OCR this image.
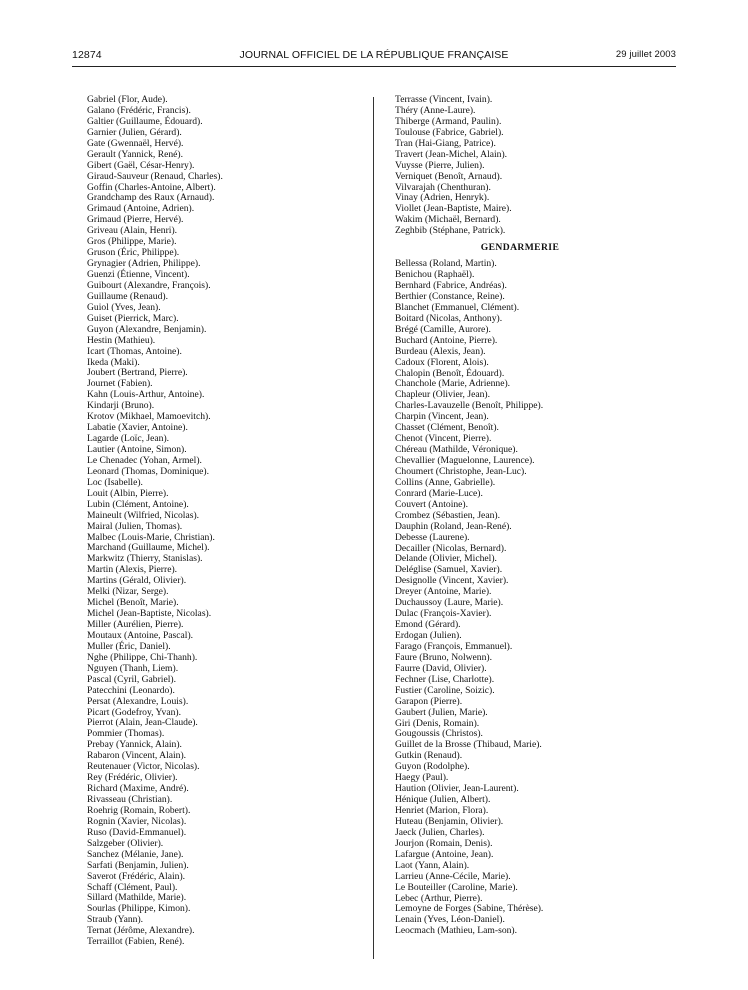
12874	JOURNAL OFFICIEL DE LA RÉPUBLIQUE FRANÇAISE	29 juillet 2003
Gabriel (Flor, Aude).
Galano (Frédéric, Francis).
Galtier (Guillaume, Édouard).
Garnier (Julien, Gérard).
Gate (Gwennaël, Hervé).
Gerault (Yannick, René).
Gibert (Gaël, César-Henry).
Giraud-Sauveur (Renaud, Charles).
Goffin (Charles-Antoine, Albert).
Grandchamp des Raux (Arnaud).
Grimaud (Antoine, Adrien).
Grimaud (Pierre, Hervé).
Griveau (Alain, Henri).
Gros (Philippe, Marie).
Gruson (Éric, Philippe).
Grynagier (Adrien, Philippe).
Guenzi (Étienne, Vincent).
Guibourt (Alexandre, François).
Guillaume (Renaud).
Guiol (Yves, Jean).
Guiset (Pierrick, Marc).
Guyon (Alexandre, Benjamin).
Hestin (Mathieu).
Icart (Thomas, Antoine).
Ikeda (Maki).
Joubert (Bertrand, Pierre).
Journet (Fabien).
Kahn (Louis-Arthur, Antoine).
Kindarji (Bruno).
Krotov (Mikhael, Mamoevitch).
Labatie (Xavier, Antoine).
Lagarde (Loïc, Jean).
Lautier (Antoine, Simon).
Le Chenadec (Yohan, Armel).
Leonard (Thomas, Dominique).
Loc (Isabelle).
Louit (Albin, Pierre).
Lubin (Clément, Antoine).
Maineult (Wilfried, Nicolas).
Mairal (Julien, Thomas).
Malbec (Louis-Marie, Christian).
Marchand (Guillaume, Michel).
Markwitz (Thierry, Stanislas).
Martin (Alexis, Pierre).
Martins (Gérald, Olivier).
Melki (Nizar, Serge).
Michel (Benoît, Marie).
Michel (Jean-Baptiste, Nicolas).
Miller (Aurélien, Pierre).
Moutaux (Antoine, Pascal).
Muller (Éric, Daniel).
Nghe (Philippe, Chi-Thanh).
Nguyen (Thanh, Liem).
Pascal (Cyril, Gabriel).
Patecchini (Leonardo).
Persat (Alexandre, Louis).
Picart (Godefroy, Yvan).
Pierrot (Alain, Jean-Claude).
Pommier (Thomas).
Prebay (Yannick, Alain).
Rabaron (Vincent, Alain).
Reutenauer (Victor, Nicolas).
Rey (Frédéric, Olivier).
Richard (Maxime, André).
Rivasseau (Christian).
Roehrig (Romain, Robert).
Rognin (Xavier, Nicolas).
Ruso (David-Emmanuel).
Salzgeber (Olivier).
Sanchez (Mélanie, Jane).
Sarfati (Benjamin, Julien).
Saverot (Frédéric, Alain).
Schaff (Clément, Paul).
Sillard (Mathilde, Marie).
Sourlas (Philippe, Kimon).
Straub (Yann).
Ternat (Jérôme, Alexandre).
Terraillot (Fabien, René).
Terrasse (Vincent, Ivain).
Théry (Anne-Laure).
Thiberge (Armand, Paulin).
Toulouse (Fabrice, Gabriel).
Tran (Hai-Giang, Patrice).
Travert (Jean-Michel, Alain).
Vuysse (Pierre, Julien).
Verniquet (Benoît, Arnaud).
Vilvarajah (Chenthuran).
Vinay (Adrien, Henryk).
Viollet (Jean-Baptiste, Maire).
Wakim (Michaël, Bernard).
Zeghbib (Stéphane, Patrick).
GENDARMERIE
Bellessa (Roland, Martin).
Benichou (Raphaël).
Bernhard (Fabrice, Andréas).
Berthier (Constance, Reine).
Blanchet (Emmanuel, Clément).
Boitard (Nicolas, Anthony).
Brégé (Camille, Aurore).
Buchard (Antoine, Pierre).
Burdeau (Alexis, Jean).
Cadoux (Florent, Alois).
Chalopin (Benoît, Édouard).
Chanchole (Marie, Adrienne).
Chapleur (Olivier, Jean).
Charles-Lavauzelle (Benoît, Philippe).
Charpin (Vincent, Jean).
Chasset (Clément, Benoît).
Chenot (Vincent, Pierre).
Chéreau (Mathilde, Véronique).
Chevallier (Maguelonne, Laurence).
Choumert (Christophe, Jean-Luc).
Collins (Anne, Gabrielle).
Conrard (Marie-Luce).
Couvert (Antoine).
Crombez (Sébastien, Jean).
Dauphin (Roland, Jean-René).
Debesse (Laurene).
Decailler (Nicolas, Bernard).
Delande (Olivier, Michel).
Deléglise (Samuel, Xavier).
Designolle (Vincent, Xavier).
Dreyer (Antoine, Marie).
Duchaussoy (Laure, Marie).
Dulac (François-Xavier).
Emond (Gérard).
Erdogan (Julien).
Farago (François, Emmanuel).
Faure (Bruno, Nolwenn).
Faurre (David, Olivier).
Fechner (Lise, Charlotte).
Fustier (Caroline, Soizic).
Garapon (Pierre).
Gaubert (Julien, Marie).
Giri (Denis, Romain).
Gougoussis (Christos).
Guillet de la Brosse (Thibaud, Marie).
Gutkin (Renaud).
Guyon (Rodolphe).
Haegy (Paul).
Haution (Olivier, Jean-Laurent).
Hénique (Julien, Albert).
Henriet (Marion, Flora).
Huteau (Benjamin, Olivier).
Jaeck (Julien, Charles).
Jourjon (Romain, Denis).
Lafargue (Antoine, Jean).
Laot (Yann, Alain).
Larrieu (Anne-Cécile, Marie).
Le Bouteiller (Caroline, Marie).
Lebec (Arthur, Pierre).
Lemoyne de Forges (Sabine, Thérèse).
Lenain (Yves, Léon-Daniel).
Leocmach (Mathieu, Lam-son).
